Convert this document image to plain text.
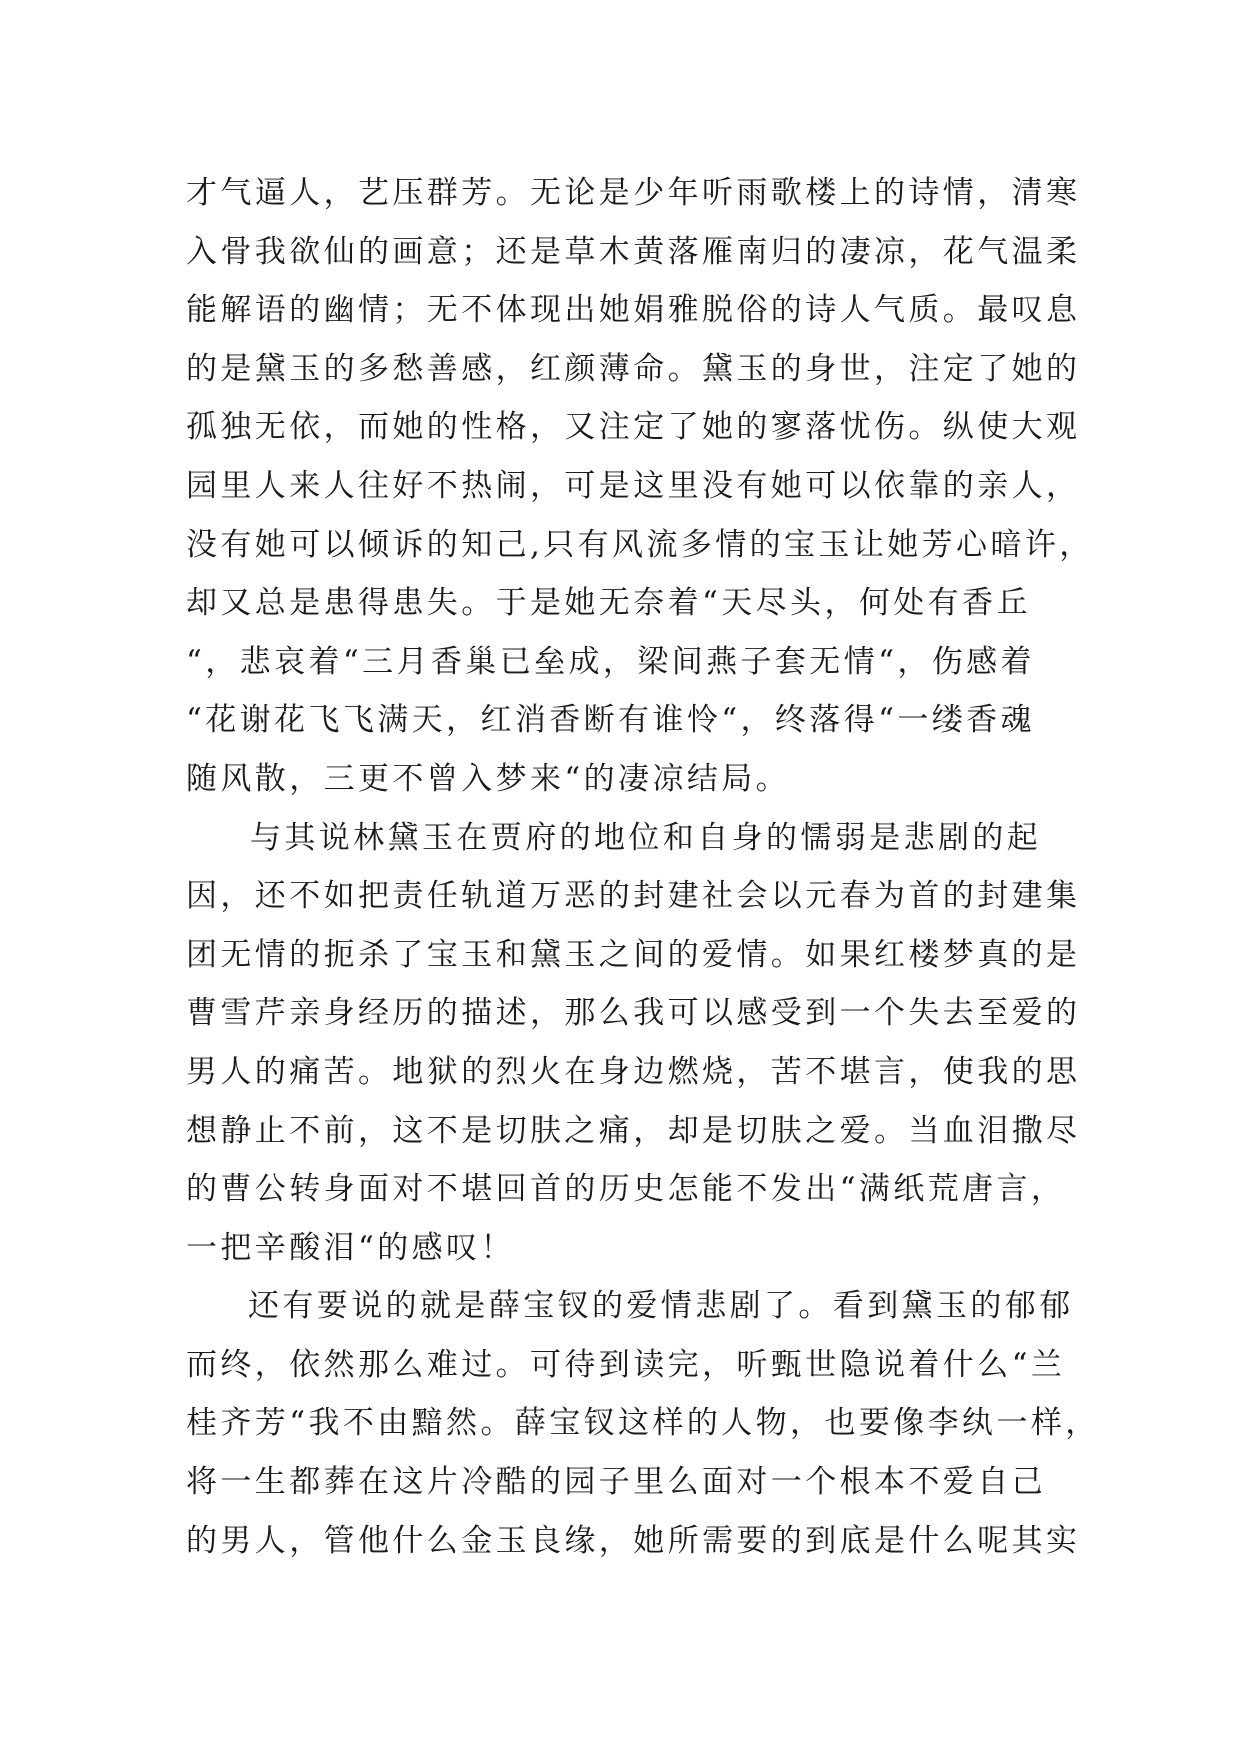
才气逼人，艺压群芳。无论是少年听雨歌楼上的诗情，清寒
入骨我欲仙的画意；还是草木黄落雁南归的凄凉，花气温柔
能解语的幽情；无不体现出她娟雅脱俗的诗人气质。最叹息
的是黛玉的多愁善感，红颜薄命。黛玉的身世，注定了她的
孤独无依，而她的性格，又注定了她的寥落忧伤。纵使大观
园里人来人往好不热闹，可是这里没有她可以依靠的亲人，
没有她可以倾诉的知己,只有风流多情的宝玉让她芳心暗许，
却又总是患得患失。于是她无奈着“天尽头，何处有香丘
“，悲哀着“三月香巢已垒成，梁间燕子套无情“，伤感着
“花谢花飞飞满天，红消香断有谁怜“，终落得“一缕香魂
随风散，三更不曾入梦来“的凄凉结局。
与其说林黛玉在贾府的地位和自身的懦弱是悲剧的起
因，还不如把责任轨道万恶的封建社会以元春为首的封建集
团无情的扼杀了宝玉和黛玉之间的爱情。如果红楼梦真的是
曹雪芹亲身经历的描述，那么我可以感受到一个失去至爱的
男人的痛苦。地狱的烈火在身边燃烧，苦不堪言，使我的思
想静止不前，这不是切肤之痛，却是切肤之爱。当血泪撒尽
的曹公转身面对不堪回首的历史怎能不发出“满纸荒唐言，
一把辛酸泪“的感叹！
还有要说的就是薛宝钗的爱情悲剧了。看到黛玉的郁郁
而终，依然那么难过。可待到读完，听甄世隐说着什么“兰
桂齐芳“我不由黯然。薛宝钗这样的人物，也要像李纨一样，
将一生都葬在这片冷酷的园子里么面对一个根本不爱自己
的男人，管他什么金玉良缘，她所需要的到底是什么呢其实
